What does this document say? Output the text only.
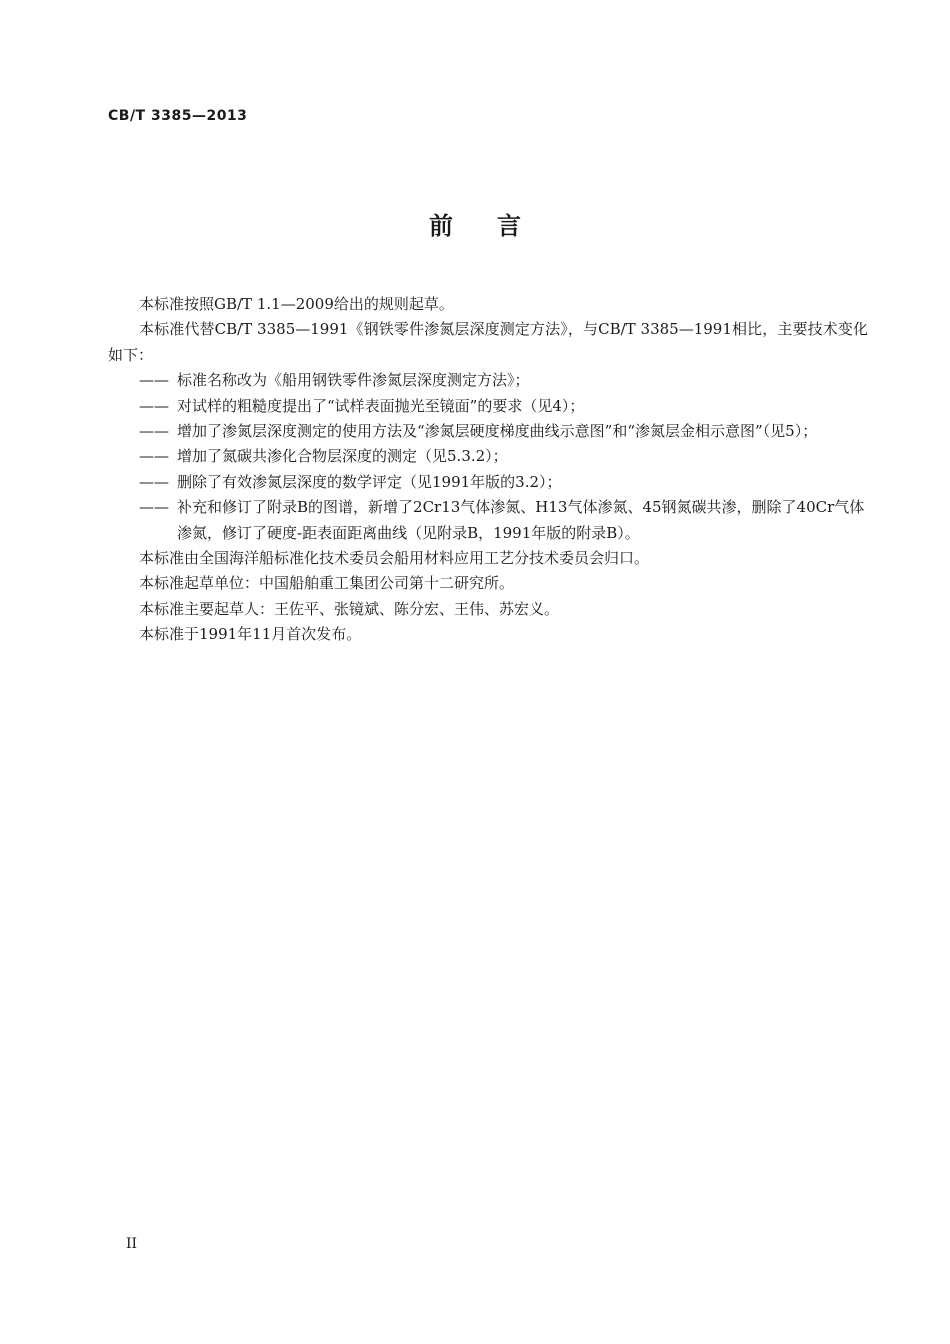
CB/T 3385—2013
前言

本标准按照GB/T 1.1—2009给出的规则起草。

本标准代替CB/T 3385—1991《钢铁零件渗氮层深度测定方法》，与CB/T 3385—1991相比，主要技术变化如下：

—— 标准名称改为《船用钢铁零件渗氮层深度测定方法》；

—— 对试样的粗糙度提出了“试样表面抛光至镜面”的要求（见4）；

—— 增加了渗氮层深度测定的使用方法及“渗氮层硬度梯度曲线示意图”和“渗氮层金相示意图”（见5）；

—— 增加了氮碳共渗化合物层深度的测定（见5.3.2）；

—— 删除了有效渗氮层深度的数学评定（见1991年版的3.2）；

—— 补充和修订了附录B的图谱，新增了2Cr13气体渗氮、H13气体渗氮、45钢氮碳共渗，删除了40Cr气体渗氮，修订了硬度-距表面距离曲线（见附录B，1991年版的附录B）。

本标准由全国海洋船标准化技术委员会船用材料应用工艺分技术委员会归口。

本标准起草单位：中国船舶重工集团公司第十二研究所。

本标准主要起草人：王佐平、张镜斌、陈分宏、王伟、苏宏义。

本标准于1991年11月首次发布。

II
